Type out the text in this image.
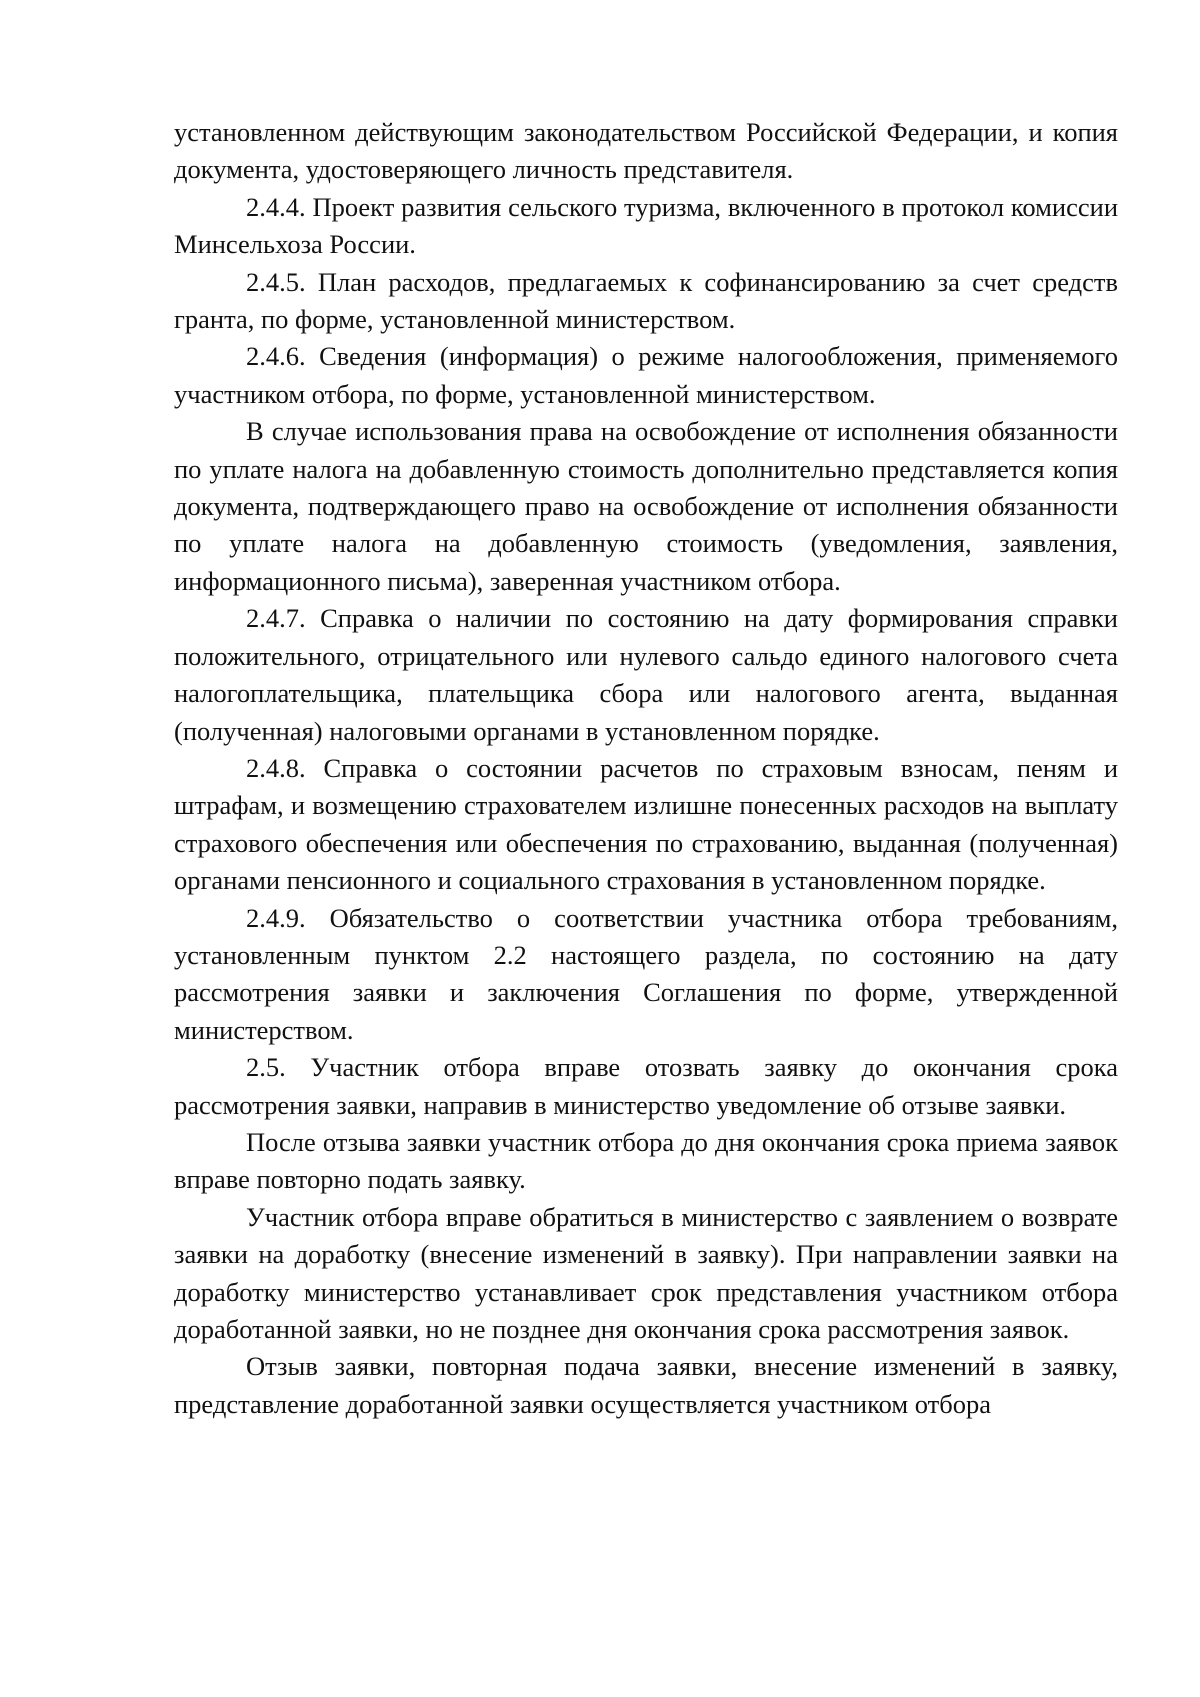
установленном действующим законодательством Российской Федерации, и копия документа, удостоверяющего личность представителя.

2.4.4. Проект развития сельского туризма, включенного в протокол комиссии Минсельхоза России.

2.4.5. План расходов, предлагаемых к софинансированию за счет средств гранта, по форме, установленной министерством.

2.4.6. Сведения (информация) о режиме налогообложения, применяемого участником отбора, по форме, установленной министерством.

В случае использования права на освобождение от исполнения обязанности по уплате налога на добавленную стоимость дополнительно представляется копия документа, подтверждающего право на освобождение от исполнения обязанности по уплате налога на добавленную стоимость (уведомления, заявления, информационного письма), заверенная участником отбора.

2.4.7. Справка о наличии по состоянию на дату формирования справки положительного, отрицательного или нулевого сальдо единого налогового счета налогоплательщика, плательщика сбора или налогового агента, выданная (полученная) налоговыми органами в установленном порядке.

2.4.8. Справка о состоянии расчетов по страховым взносам, пеням и штрафам, и возмещению страхователем излишне понесенных расходов на выплату страхового обеспечения или обеспечения по страхованию, выданная (полученная) органами пенсионного и социального страхования в установленном порядке.

2.4.9. Обязательство о соответствии участника отбора требованиям, установленным пунктом 2.2 настоящего раздела, по состоянию на дату рассмотрения заявки и заключения Соглашения по форме, утвержденной министерством.

2.5. Участник отбора вправе отозвать заявку до окончания срока рассмотрения заявки, направив в министерство уведомление об отзыве заявки.

После отзыва заявки участник отбора до дня окончания срока приема заявок вправе повторно подать заявку.

Участник отбора вправе обратиться в министерство с заявлением о возврате заявки на доработку (внесение изменений в заявку). При направлении заявки на доработку министерство устанавливает срок представления участником отбора доработанной заявки, но не позднее дня окончания срока рассмотрения заявок.

Отзыв заявки, повторная подача заявки, внесение изменений в заявку, представление доработанной заявки осуществляется участником отбора
